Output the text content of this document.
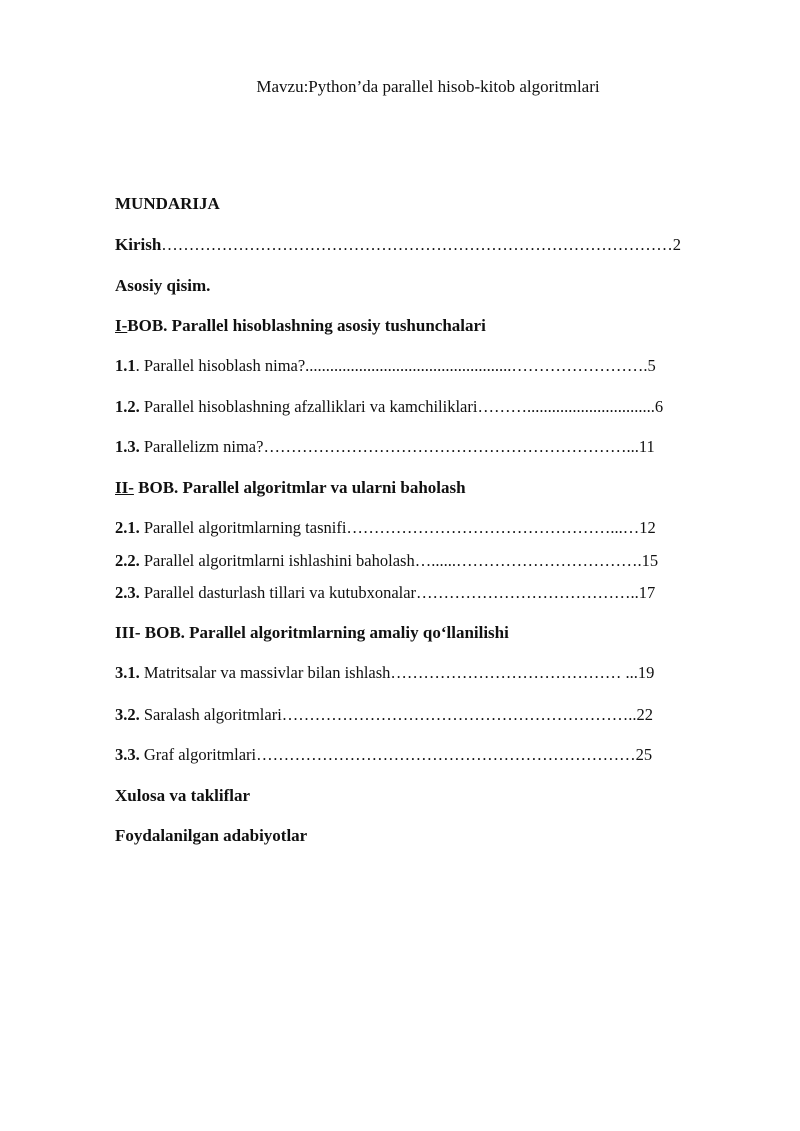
Mavzu:Python’da parallel hisob-kitob algoritmlari
MUNDARIJA
Kirish…………………………………………………………………………………2
Asosiy qisim.
I-BOB. Parallel hisoblashning asosiy tushunchalari
1.1. Parallel hisoblash nima?..................................................…………………….5
1.2. Parallel hisoblashning afzalliklari va kamchiliklari………...............................6
1.3. Parallelizm nima?…………………………………………………………...11
II- BOB. Parallel algoritmlar va ularni baholash
2.1. Parallel algoritmlarning tasnifi…………………………………………...…12
2.2. Parallel algoritmlarni ishlashini baholash…......…………………………….15
2.3. Parallel dasturlash tillari va kutubxonalar…………………………………..17
III- BOB. Parallel algoritmlarning amaliy qo‘llanilishi
3.1. Matritsalar va massivlar bilan ishlash…………………………………… ...19
3.2. Saralash algoritmlari………………………………………………………..22
3.3. Graf algoritmlari……………………………………………………………25
Xulosa va takliflar
Foydalanilgan adabiyotlar
